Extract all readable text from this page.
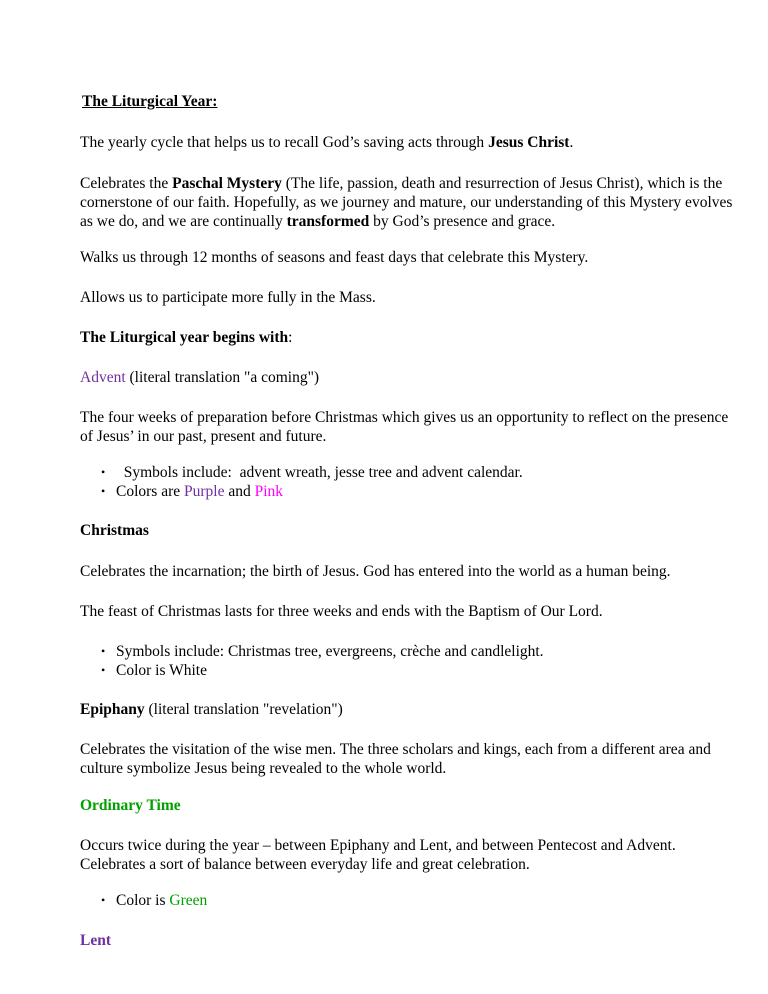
The Liturgical Year:

The yearly cycle that helps us to recall God’s saving acts through Jesus Christ.

Celebrates the Paschal Mystery (The life, passion, death and resurrection of Jesus Christ), which is the cornerstone of our faith. Hopefully, as we journey and mature, our understanding of this Mystery evolves as we do, and we are continually transformed by God’s presence and grace.

Walks us through 12 months of seasons and feast days that celebrate this Mystery.

Allows us to participate more fully in the Mass.

The Liturgical year begins with:

Advent (literal translation "a coming")

The four weeks of preparation before Christmas which gives us an opportunity to reflect on the presence of Jesus’ in our past, present and future.

• Symbols include:  advent wreath, jesse tree and advent calendar.
• Colors are Purple and Pink

Christmas

Celebrates the incarnation; the birth of Jesus. God has entered into the world as a human being.

The feast of Christmas lasts for three weeks and ends with the Baptism of Our Lord.

• Symbols include: Christmas tree, evergreens, crèche and candlelight.
• Color is White

Epiphany (literal translation "revelation")

Celebrates the visitation of the wise men. The three scholars and kings, each from a different area and culture symbolize Jesus being revealed to the whole world.

Ordinary Time

Occurs twice during the year – between Epiphany and Lent, and between Pentecost and Advent. Celebrates a sort of balance between everyday life and great celebration.

• Color is Green

Lent
